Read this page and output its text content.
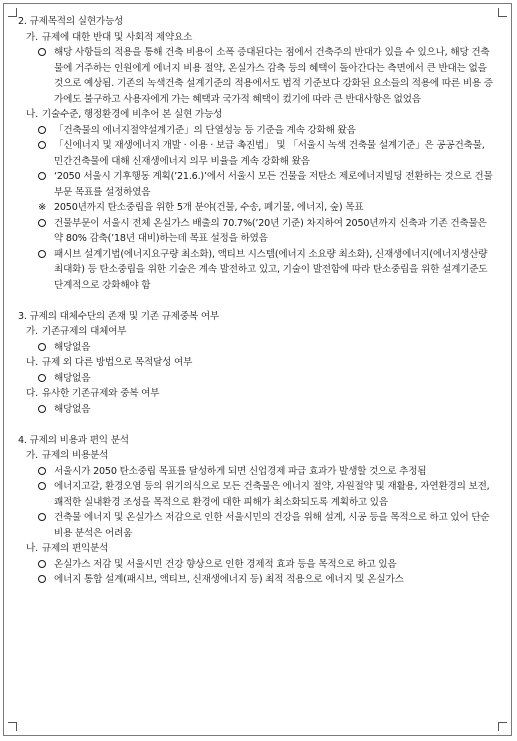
2. 규제목적의 실현가능성
가. 규제에 대한 반대 및 사회적 제약요소
해당 사항들의 적용을 통해 건축 비용이 소폭 증대된다는 점에서 건축주의 반대가 있을 수 있으나, 해당 건축물에 거주하는 인원에게 에너지 비용 절약, 온실가스 감축 등의 혜택이 돌아간다는 측면에서 큰 반대는 없을 것으로 예상됨. 기존의 녹색건축 설계기준의 적용에서도 법적 기준보다 강화된 요소들의 적용에 따른 비용 증가에도 불구하고 사용자에게 가는 혜택과 국가적 혜택이 컸기에 따라 큰 반대사항은 없었음
나. 기술수준, 행정환경에 비추어 본 실현 가능성
「건축물의 에너지절약설계기준」의 단열성능 등 기준을 계속 강화해 왔음
「신에너지 및 재생에너지 개발 · 이용 · 보급 촉진법」 및 「서울시 녹색 건축물 설계기준」은 공공건축물, 민간건축물에 대해 신재생에너지 의무 비율을 계속 강화해 왔음
‘2050 서울시 기후행동 계획(’21.6.)’에서 서울시 모든 건물을 저탄소 제로에너지빌딩 전환하는 것으로 건물 부문 목표를 설정하였음
※ 2050년까지 탄소중립을 위한 5개 분야(건물, 수송, 폐기물, 에너지, 숲) 목표
건물부문이 서울시 전체 온실가스 배출의 70.7%(’20년 기준) 차지하여 2050년까지 신축과 기존 건축물은 약 80% 감축(’18년 대비)하는데 목표 설정을 하였음
패시브 설계기법(에너지요구량 최소화), 액티브 시스템(에너지 소요량 최소화), 신재생에너지(에너지생산량 최대화) 등 탄소중립을 위한 기술은 계속 발전하고 있고, 기술이 발전함에 따라 탄소중립을 위한 설계기준도 단계적으로 강화해야 함
3. 규제의 대체수단의 존재 및 기존 규제중복 여부
가. 기존규제의 대체여부
해당없음
나. 규제 외 다른 방법으로 목적달성 여부
해당없음
다. 유사한 기존규제와 중복 여부
해당없음
4. 규제의 비용과 편익 분석
가. 규제의 비용분석
서울시가 2050 탄소중립 목표를 달성하게 되면 신업경제 파급 효과가 발생할 것으로 추정됨
에너지고갈, 환경오염 등의 위기의식으로 모든 건축물은 에너지 절약, 자원절약 및 재활용, 자연환경의 보전, 쾌적한 실내환경 조성을 목적으로 환경에 대한 피해가 최소화되도록 계획하고 있음
건축물 에너지 및 온실가스 저감으로 인한 서울시민의 건강을 위해 설계, 시공 등을 목적으로 하고 있어 단순 비용 분석은 어려움
나. 규제의 편익분석
온실가스 저감 및 서울시민 건강 향상으로 인한 경제적 효과 등을 목적으로 하고 있음
에너지 통합 설계(패시브, 액티브, 신재생에너지 등) 최적 적용으로 에너지 및 온실가스
